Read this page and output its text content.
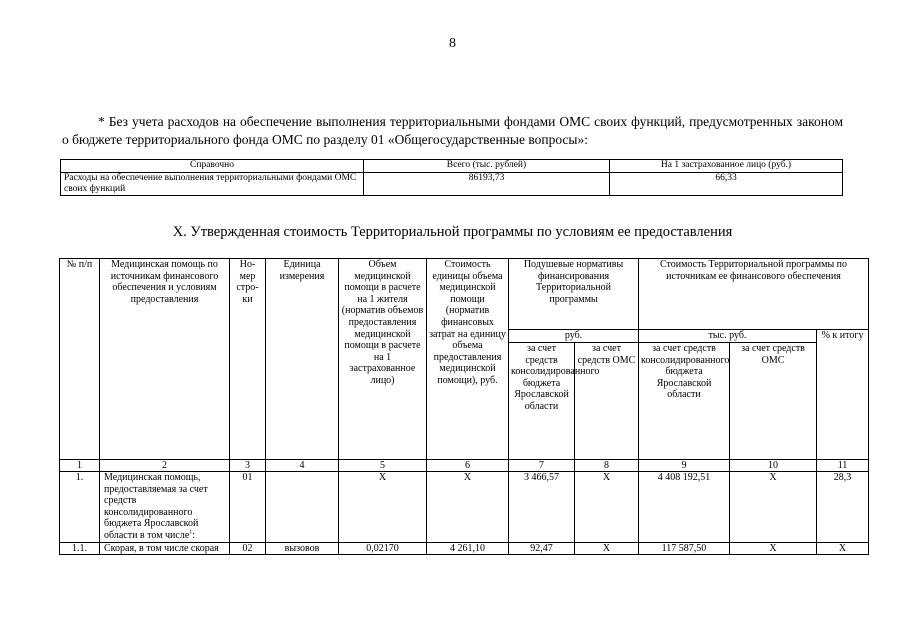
8
* Без учета расходов на обеспечение выполнения территориальными фондами ОМС своих функций, предусмотренных законом о бюджете территориального фонда ОМС по разделу 01 «Общегосударственные вопросы»:
Справочно	Всего (тыс. рублей)	На 1 застрахованное лицо (руб.)
Расходы на обеспечение выполнения территориальными фондами ОМС своих функций	86193,73	66,33
X. Утвержденная стоимость Территориальной программы по условиям ее предоставления
№ п/п	Медицинская помощь по источникам финансового обеспечения и условиям предоставления	Но-мер стро-ки	Единица измерения	Объем медицинской помощи в расчете на 1 жителя (норматив объемов предоставления медицинской помощи в расчете на 1 застрахованное лицо)	Стоимость единицы объема медицинской помощи (норматив финансовых затрат на единицу объема предоставления медицинской помощи), руб.	Подушевые нормативы финансирования Территориальной программы		Стоимость Территориальной программы по источникам ее финансового обеспечения		
						руб.		тыс. руб.		% к итогу
						за счет средств консолидированного бюджета Ярославской области	за счет средств ОМС	за счет средств консолидированного бюджета Ярославской области	за счет средств ОМС	
1	2	3	4	5	6	7	8	9	10	11
1.	Медицинская помощь, предоставляемая за счет средств консолидированного бюджета Ярославской области в том числе$^1$:	01		X	X	3 466,57	X	4 408 192,51	X	28,3
1.1.	Скорая, в том числе скорая	02	вызовов	0,02170	4 261,10	92,47	X	117 587,50	X	X
